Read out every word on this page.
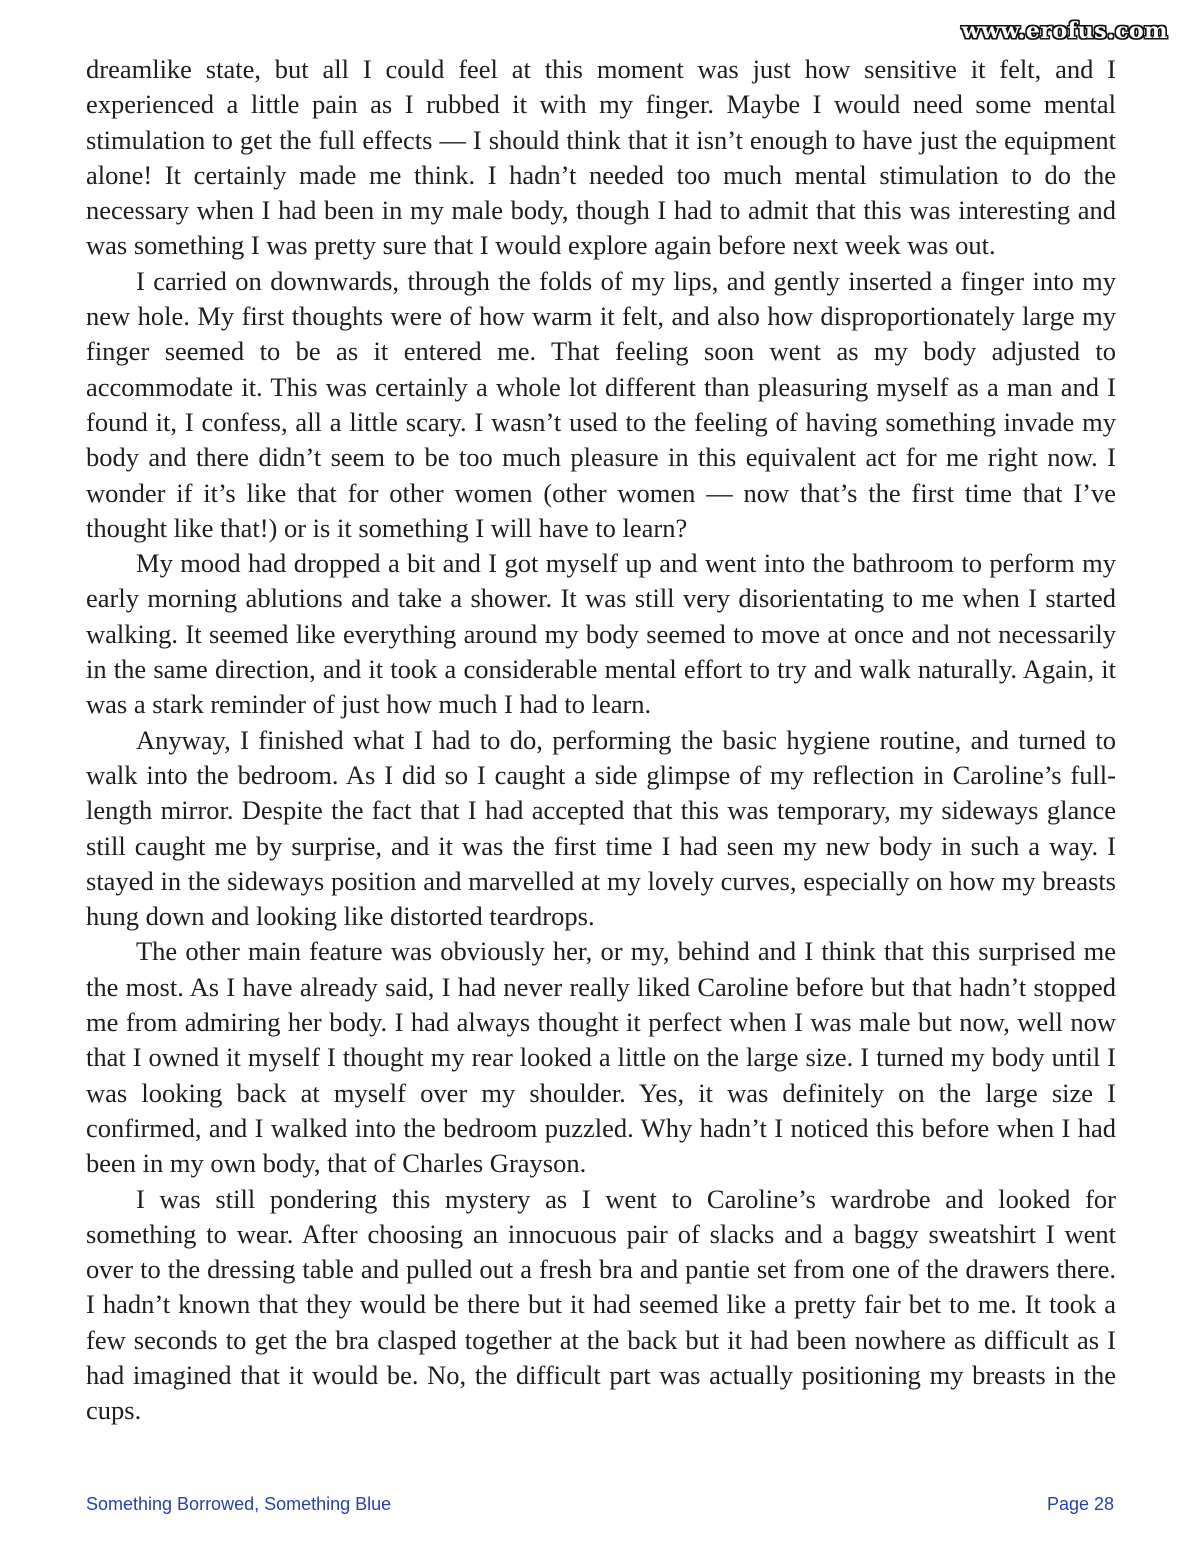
www.erofus.com

dreamlike state, but all I could feel at this moment was just how sensitive it felt, and I experienced a little pain as I rubbed it with my finger. Maybe I would need some mental stimulation to get the full effects — I should think that it isn’t enough to have just the equipment alone! It certainly made me think. I hadn’t needed too much mental stimulation to do the necessary when I had been in my male body, though I had to admit that this was interesting and was something I was pretty sure that I would explore again before next week was out.

I carried on downwards, through the folds of my lips, and gently inserted a finger into my new hole. My first thoughts were of how warm it felt, and also how disproportionately large my finger seemed to be as it entered me. That feeling soon went as my body adjusted to accommodate it. This was certainly a whole lot different than pleasuring myself as a man and I found it, I confess, all a little scary. I wasn’t used to the feeling of having something invade my body and there didn’t seem to be too much pleasure in this equivalent act for me right now. I wonder if it’s like that for other women (other women — now that’s the first time that I’ve thought like that!) or is it something I will have to learn?

My mood had dropped a bit and I got myself up and went into the bathroom to perform my early morning ablutions and take a shower. It was still very disorientating to me when I started walking. It seemed like everything around my body seemed to move at once and not necessarily in the same direction, and it took a considerable mental effort to try and walk naturally. Again, it was a stark reminder of just how much I had to learn.

Anyway, I finished what I had to do, performing the basic hygiene routine, and turned to walk into the bedroom. As I did so I caught a side glimpse of my reflection in Caroline’s full-length mirror. Despite the fact that I had accepted that this was temporary, my sideways glance still caught me by surprise, and it was the first time I had seen my new body in such a way. I stayed in the sideways position and marvelled at my lovely curves, especially on how my breasts hung down and looking like distorted teardrops.

The other main feature was obviously her, or my, behind and I think that this surprised me the most. As I have already said, I had never really liked Caroline before but that hadn’t stopped me from admiring her body. I had always thought it perfect when I was male but now, well now that I owned it myself I thought my rear looked a little on the large size. I turned my body until I was looking back at myself over my shoulder. Yes, it was definitely on the large size I confirmed, and I walked into the bedroom puzzled. Why hadn’t I noticed this before when I had been in my own body, that of Charles Grayson.

I was still pondering this mystery as I went to Caroline’s wardrobe and looked for something to wear. After choosing an innocuous pair of slacks and a baggy sweatshirt I went over to the dressing table and pulled out a fresh bra and pantie set from one of the drawers there. I hadn’t known that they would be there but it had seemed like a pretty fair bet to me. It took a few seconds to get the bra clasped together at the back but it had been nowhere as difficult as I had imagined that it would be. No, the difficult part was actually positioning my breasts in the cups.

Something Borrowed, Something Blue	Page 28
